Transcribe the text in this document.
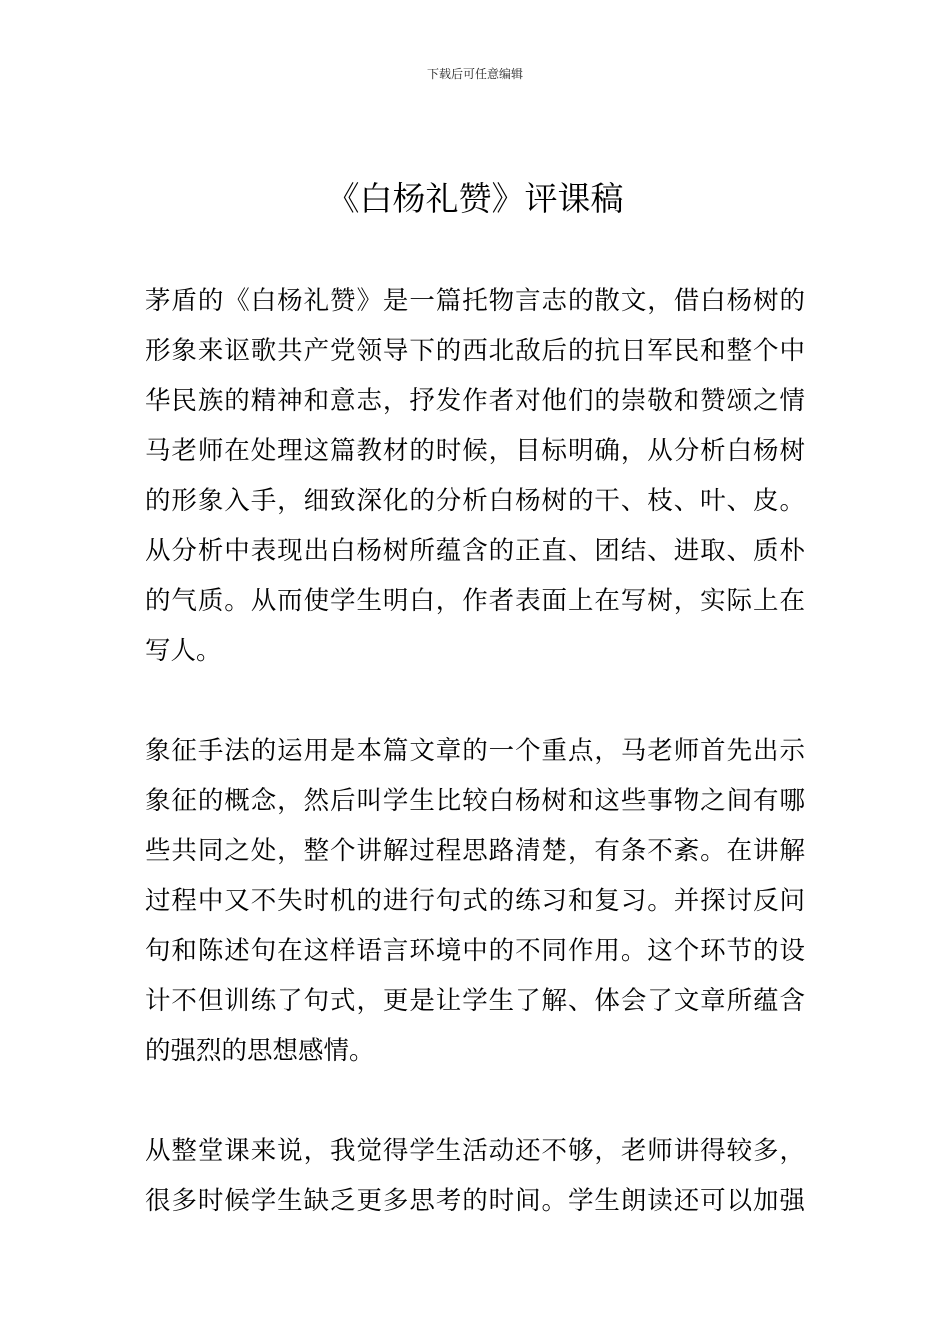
下载后可任意编辑
《白杨礼赞》评课稿
茅盾的《白杨礼赞》是一篇托物言志的散文，借白杨树的
形象来讴歌共产党领导下的西北敌后的抗日军民和整个中
华民族的精神和意志，抒发作者对他们的崇敬和赞颂之情
马老师在处理这篇教材的时候，目标明确，从分析白杨树
的形象入手，细致深化的分析白杨树的干、枝、叶、皮。
从分析中表现出白杨树所蕴含的正直、团结、进取、质朴
的气质。从而使学生明白，作者表面上在写树，实际上在
写人。
象征手法的运用是本篇文章的一个重点，马老师首先出示
象征的概念，然后叫学生比较白杨树和这些事物之间有哪
些共同之处，整个讲解过程思路清楚，有条不紊。在讲解
过程中又不失时机的进行句式的练习和复习。并探讨反问
句和陈述句在这样语言环境中的不同作用。这个环节的设
计不但训练了句式，更是让学生了解、体会了文章所蕴含
的强烈的思想感情。
从整堂课来说，我觉得学生活动还不够，老师讲得较多，
很多时候学生缺乏更多思考的时间。学生朗读还可以加强
